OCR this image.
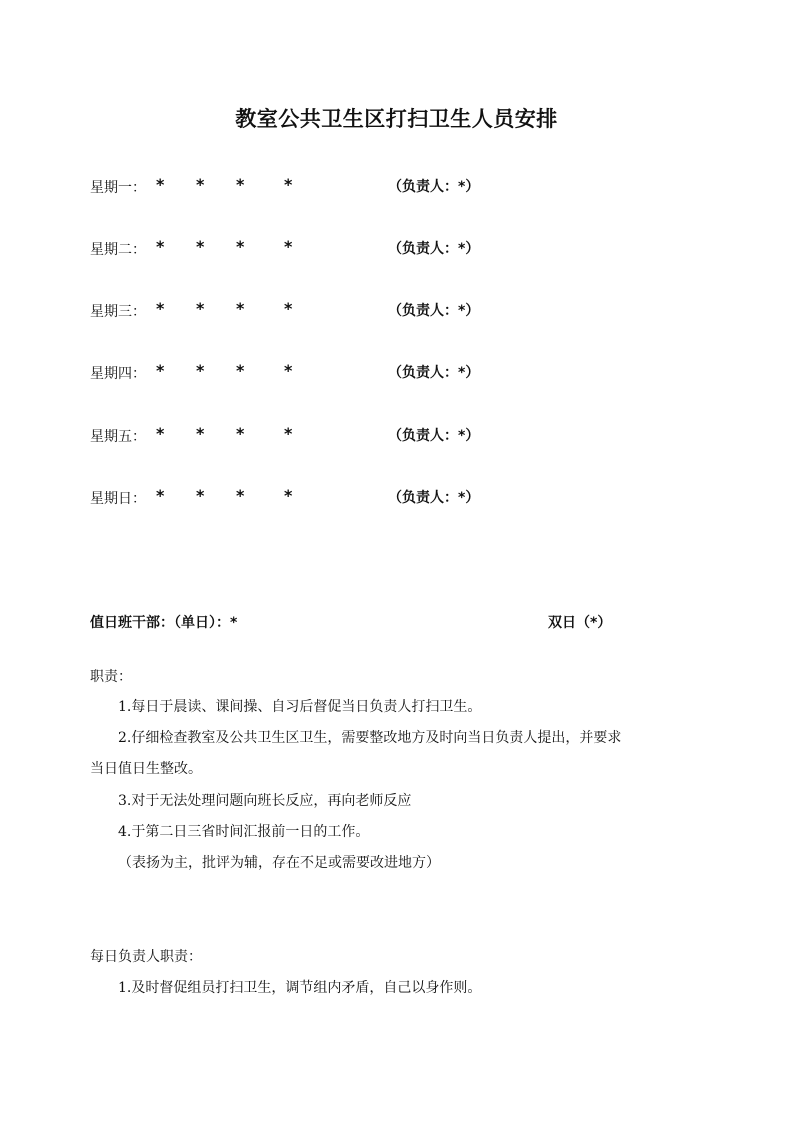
教室公共卫生区打扫卫生人员安排
星期一： * * * *	（负责人：*）
星期二： * * * *	（负责人：*）
星期三： * * * *	（负责人：*）
星期四： * * * *	（负责人：*）
星期五： * * * *	（负责人：*）
星期日： * * * *	（负责人：*）
值日班干部：（单日）：*	双日（*）
职责：
1.每日于晨读、课间操、自习后督促当日负责人打扫卫生。
2.仔细检查教室及公共卫生区卫生，需要整改地方及时向当日负责人提出，并要求
当日值日生整改。
3.对于无法处理问题向班长反应，再向老师反应
4.于第二日三省时间汇报前一日的工作。
（表扬为主，批评为辅，存在不足或需要改进地方）
每日负责人职责：
1.及时督促组员打扫卫生，调节组内矛盾，自己以身作则。
